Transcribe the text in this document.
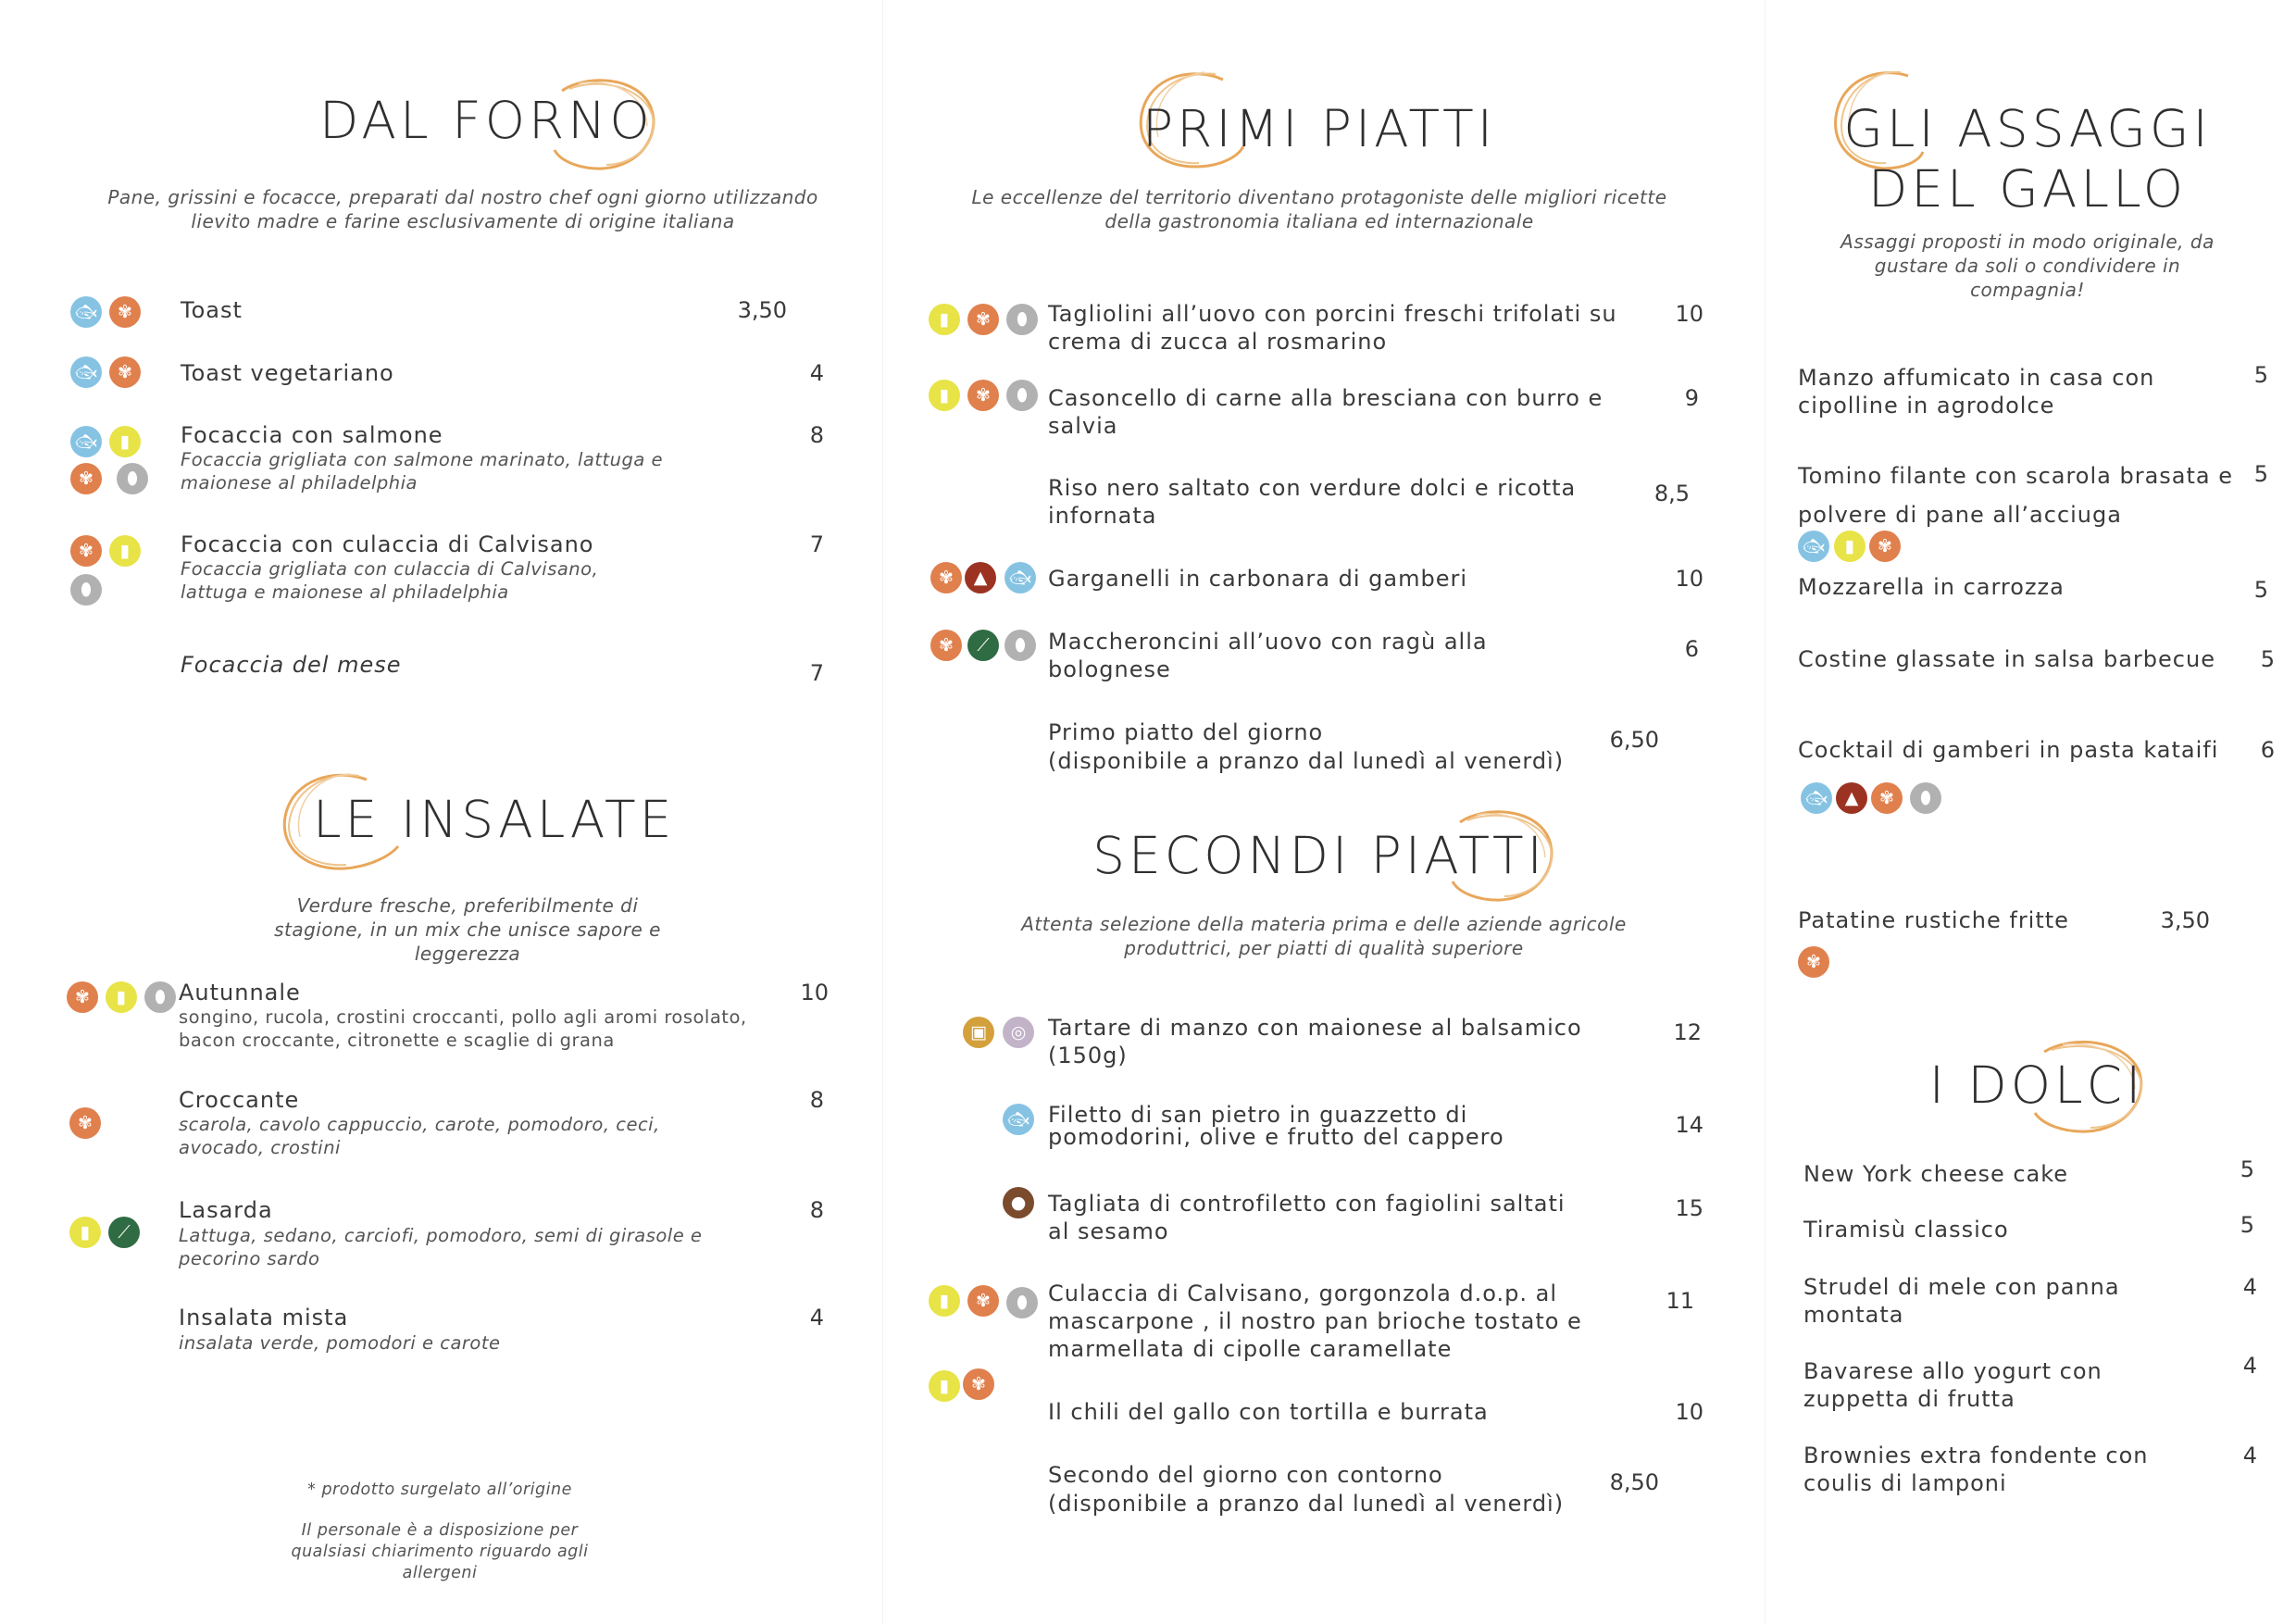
DAL FORNO
Pane, grissini e focacce, preparati dal nostro chef ogni giorno utilizzando lievito madre e farine esclusivamente di origine italiana
🐟︎ ✾ Toast	3,50
🐟︎ ✾ Toast vegetariano	4
🐟︎ ▮
✾ ⬮
Focaccia con salmone
Focaccia grigliata con salmone marinato, lattuga e maionese al philadelphia
8
✾ ▮
⬮
Focaccia con culaccia di Calvisano
Focaccia grigliata con culaccia di Calvisano, lattuga e maionese al philadelphia
7
Focaccia del mese	7
LE INSALATE
Verdure fresche, preferibilmente di stagione, in un mix che unisce sapore e leggerezza
✾ ▮ ⬮ Autunnale
songino, rucola, crostini croccanti, pollo agli aromi rosolato, bacon croccante, citronette e scaglie di grana
10
✾
Croccante
scarola, cavolo cappuccio, carote, pomodoro, ceci, avocado, crostini
8
▮ ⟋
Lasarda
Lattuga, sedano, carciofi, pomodoro, semi di girasole e pecorino sardo
8
Insalata mista
insalata verde, pomodori e carote
4
* prodotto surgelato all’origine
Il personale è a disposizione per qualsiasi chiarimento riguardo agli allergeni
PRIMI PIATTI
Le eccellenze del territorio diventano protagoniste delle migliori ricette della gastronomia italiana ed internazionale
▮ ✾ ⬮ Tagliolini all’uovo con porcini freschi trifolati su crema di zucca al rosmarino
10
▮ ✾ ⬮ Casoncello di carne alla bresciana con burro e salvia
9
Riso nero saltato con verdure dolci e ricotta infornata
8,5
✾ ▲ 🐟︎ Garganelli in carbonara di gamberi	10
✾ ⟋ ⬮ Maccheroncini all’uovo con ragù alla bolognese
6
Primo piatto del giorno
(disponibile a pranzo dal lunedì al venerdì)
6,50
SECONDI PIATTI
Attenta selezione della materia prima e delle aziende agricole produttrici, per piatti di qualità superiore
▣ ◎ Tartare di manzo con maionese al balsamico (150g)
12
🐟︎ Filetto di san pietro in guazzetto di pomodorini, olive e frutto del cappero	14
● Tagliata di controfiletto con fagiolini saltati al sesamo
15
▮ ✾ ⬮
▮ ✾
Culaccia di Calvisano, gorgonzola d.o.p. al mascarpone , il nostro pan brioche tostato e marmellata di cipolle caramellate
11
Il chili del gallo con tortilla e burrata	10
Secondo del giorno con contorno
(disponibile a pranzo dal lunedì al venerdì)
8,50
GLI ASSAGGI
DEL GALLO
Assaggi proposti in modo originale, da gustare da soli o condividere in compagnia!
Manzo affumicato in casa con cipolline in agrodolce
5
Tomino filante con scarola brasata e polvere di pane all’acciuga
5
🐟︎ ▮ ✾
Mozzarella in carrozza	5
Costine glassate in salsa barbecue	5
Cocktail di gamberi in pasta kataifi	6
🐟︎ ▲ ✾ ⬮
Patatine rustiche fritte	3,50
✾
I DOLCI
New York cheese cake	5
Tiramisù classico	5
Strudel di mele con panna montata
4
Bavarese allo yogurt con zuppetta di frutta
4
Brownies extra fondente con coulis di lamponi
4
